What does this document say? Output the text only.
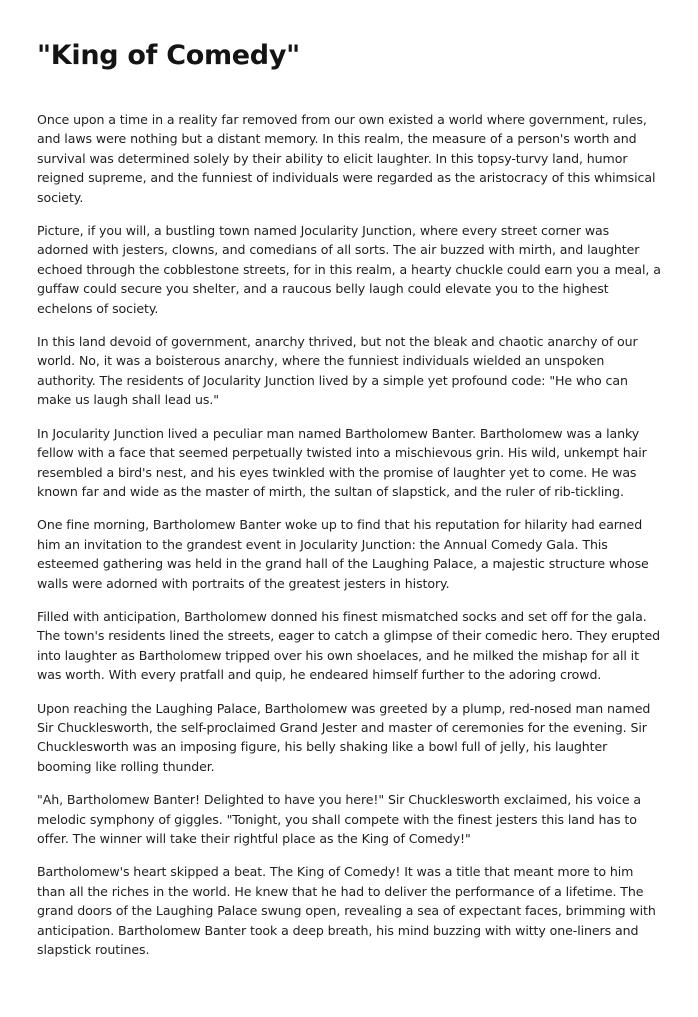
"King of Comedy"

Once upon a time in a reality far removed from our own existed a world where government, rules, and laws were nothing but a distant memory. In this realm, the measure of a person's worth and survival was determined solely by their ability to elicit laughter. In this topsy-turvy land, humor reigned supreme, and the funniest of individuals were regarded as the aristocracy of this whimsical society.

Picture, if you will, a bustling town named Jocularity Junction, where every street corner was adorned with jesters, clowns, and comedians of all sorts. The air buzzed with mirth, and laughter echoed through the cobblestone streets, for in this realm, a hearty chuckle could earn you a meal, a guffaw could secure you shelter, and a raucous belly laugh could elevate you to the highest echelons of society.

In this land devoid of government, anarchy thrived, but not the bleak and chaotic anarchy of our world. No, it was a boisterous anarchy, where the funniest individuals wielded an unspoken authority. The residents of Jocularity Junction lived by a simple yet profound code: "He who can make us laugh shall lead us."

In Jocularity Junction lived a peculiar man named Bartholomew Banter. Bartholomew was a lanky fellow with a face that seemed perpetually twisted into a mischievous grin. His wild, unkempt hair resembled a bird's nest, and his eyes twinkled with the promise of laughter yet to come. He was known far and wide as the master of mirth, the sultan of slapstick, and the ruler of rib-tickling.

One fine morning, Bartholomew Banter woke up to find that his reputation for hilarity had earned him an invitation to the grandest event in Jocularity Junction: the Annual Comedy Gala. This esteemed gathering was held in the grand hall of the Laughing Palace, a majestic structure whose walls were adorned with portraits of the greatest jesters in history.

Filled with anticipation, Bartholomew donned his finest mismatched socks and set off for the gala. The town's residents lined the streets, eager to catch a glimpse of their comedic hero. They erupted into laughter as Bartholomew tripped over his own shoelaces, and he milked the mishap for all it was worth. With every pratfall and quip, he endeared himself further to the adoring crowd.

Upon reaching the Laughing Palace, Bartholomew was greeted by a plump, red-nosed man named Sir Chucklesworth, the self-proclaimed Grand Jester and master of ceremonies for the evening. Sir Chucklesworth was an imposing figure, his belly shaking like a bowl full of jelly, his laughter booming like rolling thunder.

"Ah, Bartholomew Banter! Delighted to have you here!" Sir Chucklesworth exclaimed, his voice a melodic symphony of giggles. "Tonight, you shall compete with the finest jesters this land has to offer. The winner will take their rightful place as the King of Comedy!"

Bartholomew's heart skipped a beat. The King of Comedy! It was a title that meant more to him than all the riches in the world. He knew that he had to deliver the performance of a lifetime. The grand doors of the Laughing Palace swung open, revealing a sea of expectant faces, brimming with anticipation. Bartholomew Banter took a deep breath, his mind buzzing with witty one-liners and slapstick routines.
